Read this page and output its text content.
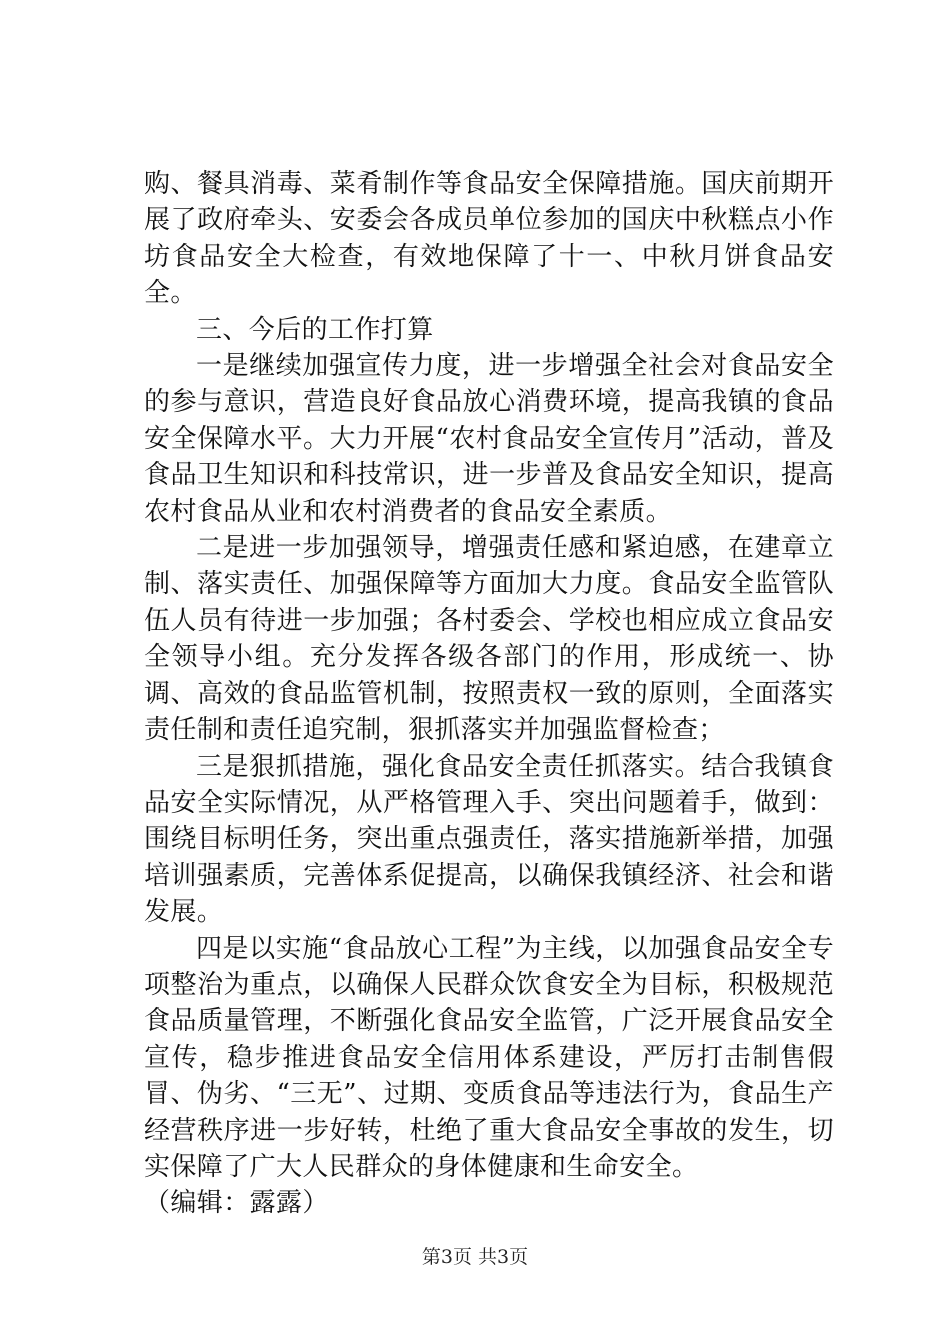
购、餐具消毒、菜肴制作等食品安全保障措施。国庆前期开展了政府牵头、安委会各成员单位参加的国庆中秋糕点小作坊食品安全大检查，有效地保障了十一、中秋月饼食品安全。

三、今后的工作打算

一是继续加强宣传力度，进一步增强全社会对食品安全的参与意识，营造良好食品放心消费环境，提高我镇的食品安全保障水平。大力开展“农村食品安全宣传月”活动，普及食品卫生知识和科技常识，进一步普及食品安全知识，提高农村食品从业和农村消费者的食品安全素质。

二是进一步加强领导，增强责任感和紧迫感，在建章立制、落实责任、加强保障等方面加大力度。食品安全监管队伍人员有待进一步加强；各村委会、学校也相应成立食品安全领导小组。充分发挥各级各部门的作用，形成统一、协调、高效的食品监管机制，按照责权一致的原则，全面落实责任制和责任追究制，狠抓落实并加强监督检查；

三是狠抓措施，强化食品安全责任抓落实。结合我镇食品安全实际情况，从严格管理入手、突出问题着手，做到：围绕目标明任务，突出重点强责任，落实措施新举措，加强培训强素质，完善体系促提高，以确保我镇经济、社会和谐发展。

四是以实施“食品放心工程”为主线，以加强食品安全专项整治为重点，以确保人民群众饮食安全为目标，积极规范食品质量管理，不断强化食品安全监管，广泛开展食品安全宣传，稳步推进食品安全信用体系建设，严厉打击制售假冒、伪劣、“三无”、过期、变质食品等违法行为，食品生产经营秩序进一步好转，杜绝了重大食品安全事故的发生，切实保障了广大人民群众的身体健康和生命安全。

（编辑：露露）

第3页 共3页
